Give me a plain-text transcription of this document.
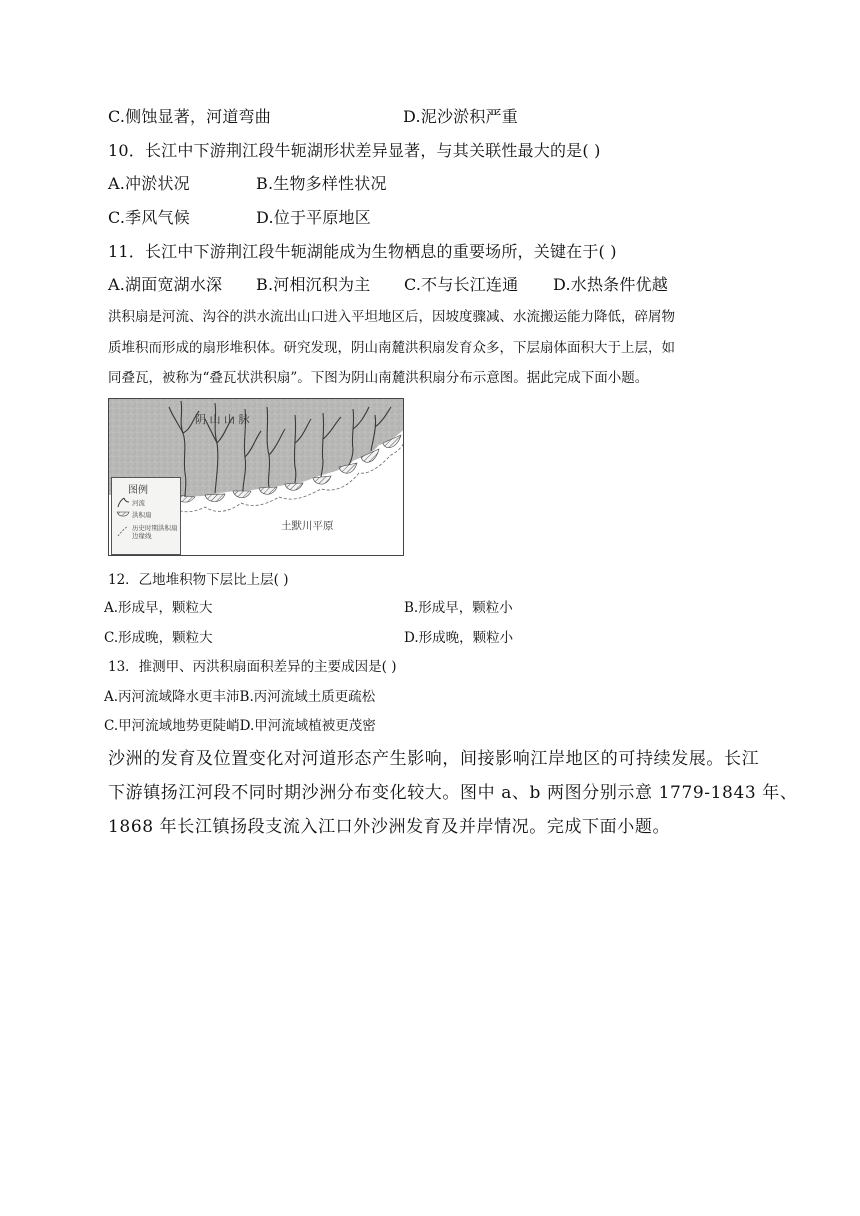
C.侧蚀显著，河道弯曲	D.泥沙淤积严重
10．长江中下游荆江段牛轭湖形状差异显著，与其关联性最大的是( )
A.冲淤状况	B.生物多样性状况
C.季风气候	D.位于平原地区
11．长江中下游荆江段牛轭湖能成为生物栖息的重要场所，关键在于( )
A.湖面宽湖水深 B.河相沉积为主 C.不与长江连通 D.水热条件优越
洪积扇是河流、沟谷的洪水流出山口进入平坦地区后，因坡度骤减、水流搬运能力降低，碎屑物
质堆积而形成的扇形堆积体。研究发现，阴山南麓洪积扇发育众多，下层扇体面积大于上层，如
同叠瓦，被称为“叠瓦状洪积扇”。下图为阴山南麓洪积扇分布示意图。据此完成下面小题。
阴 山 山 脉
土默川平原
图例
河流
洪积扇
历史时期洪积扇边缘线
12．乙地堆积物下层比上层( )
A.形成早，颗粒大	B.形成早，颗粒小
C.形成晚，颗粒大	D.形成晚，颗粒小
13．推测甲、丙洪积扇面积差异的主要成因是( )
A.丙河流域降水更丰沛B.丙河流域土质更疏松
C.甲河流域地势更陡峭D.甲河流域植被更茂密
沙洲的发育及位置变化对河道形态产生影响，间接影响江岸地区的可持续发展。长江
下游镇扬江河段不同时期沙洲分布变化较大。图中 a、b 两图分别示意 1779-1843 年、
1868 年长江镇扬段支流入江口外沙洲发育及并岸情况。完成下面小题。
